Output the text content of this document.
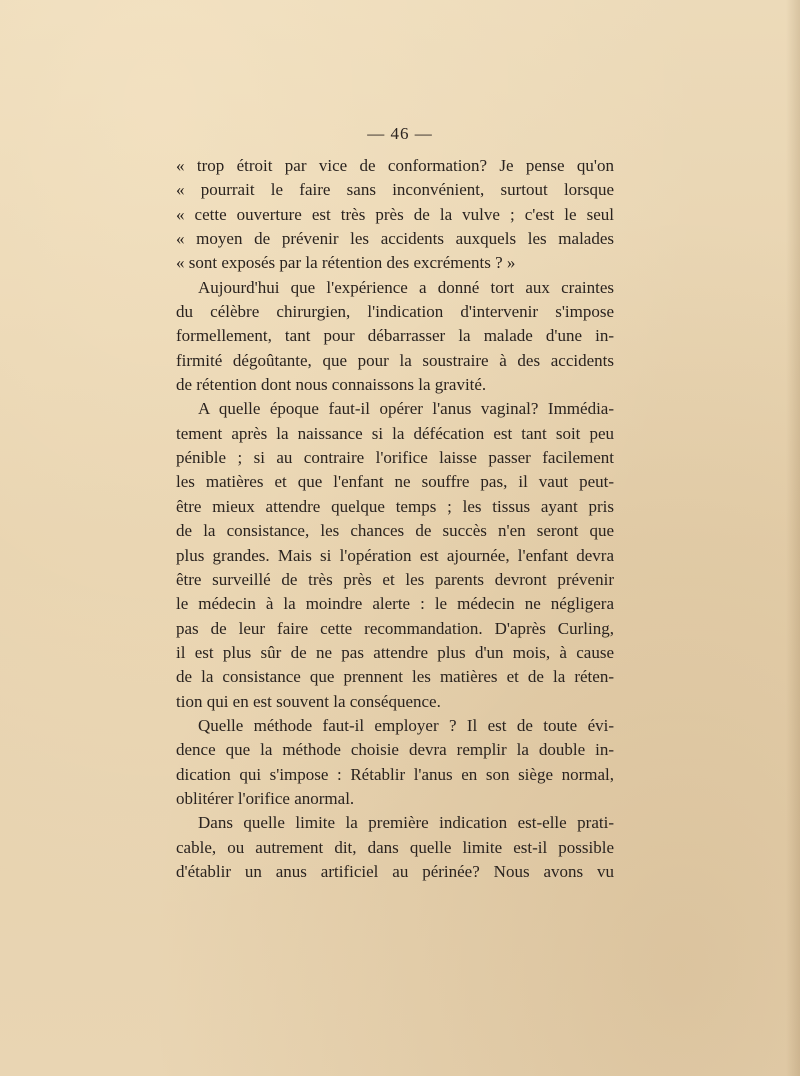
— 46 —
« trop étroit par vice de conformation? Je pense qu'on
« pourrait le faire sans inconvénient, surtout lorsque
« cette ouverture est très près de la vulve ; c'est le seul
« moyen de prévenir les accidents auxquels les malades
« sont exposés par la rétention des excréments ? »
Aujourd'hui que l'expérience a donné tort aux craintes
du célèbre chirurgien, l'indication d'intervenir s'impose
formellement, tant pour débarrasser la malade d'une in-
firmité dégoûtante, que pour la soustraire à des accidents
de rétention dont nous connaissons la gravité.
A quelle époque faut-il opérer l'anus vaginal? Immédia-
tement après la naissance si la défécation est tant soit peu
pénible ; si au contraire l'orifice laisse passer facilement
les matières et que l'enfant ne souffre pas, il vaut peut-
être mieux attendre quelque temps ; les tissus ayant pris
de la consistance, les chances de succès n'en seront que
plus grandes. Mais si l'opération est ajournée, l'enfant devra
être surveillé de très près et les parents devront prévenir
le médecin à la moindre alerte : le médecin ne négligera
pas de leur faire cette recommandation. D'après Curling,
il est plus sûr de ne pas attendre plus d'un mois, à cause
de la consistance que prennent les matières et de la réten-
tion qui en est souvent la conséquence.
Quelle méthode faut-il employer ? Il est de toute évi-
dence que la méthode choisie devra remplir la double in-
dication qui s'impose : Rétablir l'anus en son siège normal,
oblitérer l'orifice anormal.
Dans quelle limite la première indication est-elle prati-
cable, ou autrement dit, dans quelle limite est-il possible
d'établir un anus artificiel au périnée? Nous avons vu
